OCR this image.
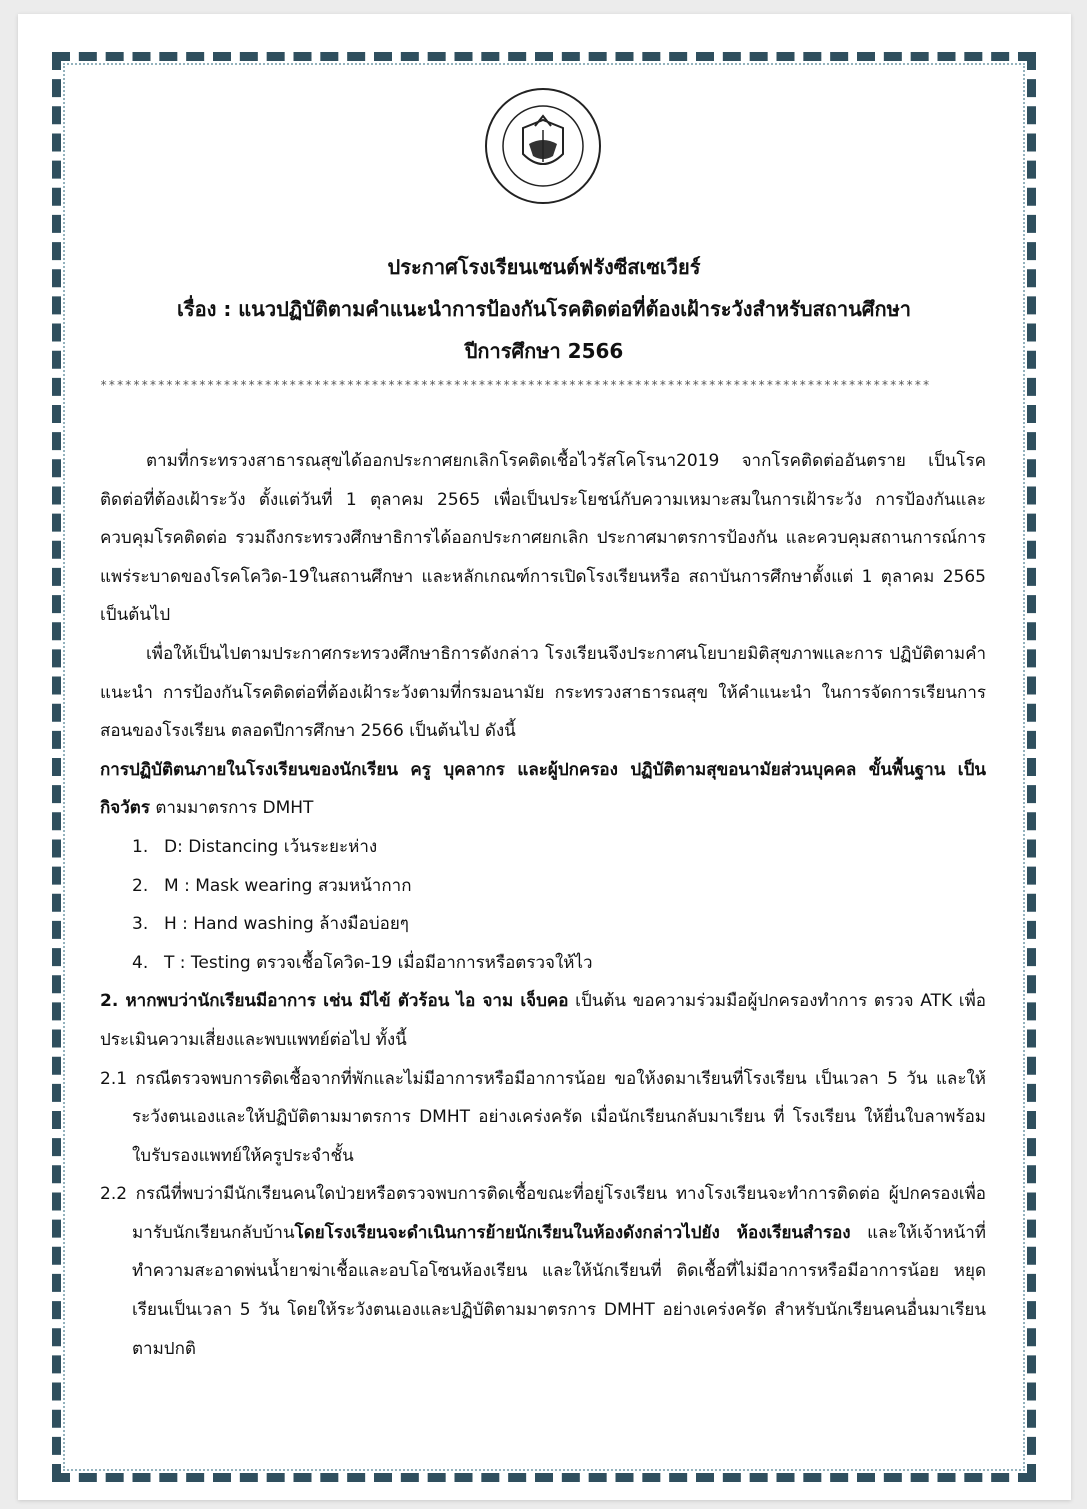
ประกาศโรงเรียนเซนต์ฟรังซีสเซเวียร์
เรื่อง : แนวปฏิบัติตามคำแนะนำการป้องกันโรคติดต่อที่ต้องเฝ้าระวังสำหรับสถานศึกษา
ปีการศึกษา 2566
*****************************************************************************************************

ตามที่กระทรวงสาธารณสุขได้ออกประกาศยกเลิกโรคติดเชื้อไวรัสโคโรนา2019 จากโรคติดต่ออันตราย เป็นโรค ติดต่อที่ต้องเฝ้าระวัง ตั้งแต่วันที่ 1 ตุลาคม 2565 เพื่อเป็นประโยชน์กับความเหมาะสมในการเฝ้าระวัง การป้องกันและควบคุมโรคติดต่อ รวมถึงกระทรวงศึกษาธิการได้ออกประกาศยกเลิก ประกาศมาตรการป้องกัน และควบคุมสถานการณ์การแพร่ระบาดของโรคโควิด-19ในสถานศึกษา และหลักเกณฑ์การเปิดโรงเรียนหรือ สถาบันการศึกษาตั้งแต่ 1 ตุลาคม 2565 เป็นต้นไป

เพื่อให้เป็นไปตามประกาศกระทรวงศึกษาธิการดังกล่าว โรงเรียนจึงประกาศนโยบายมิติสุขภาพและการ ปฏิบัติตามคำแนะนำ การป้องกันโรคติดต่อที่ต้องเฝ้าระวังตามที่กรมอนามัย กระทรวงสาธารณสุข ให้คำแนะนำ ในการจัดการเรียนการสอนของโรงเรียน ตลอดปีการศึกษา 2566 เป็นต้นไป ดังนี้

การปฏิบัติตนภายในโรงเรียนของนักเรียน ครู บุคลากร และผู้ปกครอง ปฏิบัติตามสุขอนามัยส่วนบุคคล ขั้นพื้นฐาน เป็นกิจวัตร ตามมาตรการ DMHT

1. D: Distancing เว้นระยะห่าง
2. M : Mask wearing สวมหน้ากาก
3. H : Hand washing ล้างมือบ่อยๆ
4. T : Testing ตรวจเชื้อโควิด-19 เมื่อมีอาการหรือตรวจให้ไว

2. หากพบว่านักเรียนมีอาการ เช่น มีไข้ ตัวร้อน ไอ จาม เจ็บคอ เป็นต้น ขอความร่วมมือผู้ปกครองทำการ ตรวจ ATK เพื่อประเมินความเสี่ยงและพบแพทย์ต่อไป ทั้งนี้

2.1 กรณีตรวจพบการติดเชื้อจากที่พักและไม่มีอาการหรือมีอาการน้อย ขอให้งดมาเรียนที่โรงเรียน เป็นเวลา 5 วัน และให้ระวังตนเองและให้ปฏิบัติตามมาตรการ DMHT อย่างเคร่งครัด เมื่อนักเรียนกลับมาเรียน ที่ โรงเรียน ให้ยื่นใบลาพร้อมใบรับรองแพทย์ให้ครูประจำชั้น

2.2 กรณีที่พบว่ามีนักเรียนคนใดป่วยหรือตรวจพบการติดเชื้อขณะที่อยู่โรงเรียน ทางโรงเรียนจะทำการติดต่อ ผู้ปกครองเพื่อมารับนักเรียนกลับบ้านโดยโรงเรียนจะดำเนินการย้ายนักเรียนในห้องดังกล่าวไปยัง ห้องเรียนสำรอง และให้เจ้าหน้าที่ทำความสะอาดพ่นน้ำยาฆ่าเชื้อและอบโอโซนห้องเรียน และให้นักเรียนที่ ติดเชื้อที่ไม่มีอาการหรือมีอาการน้อย หยุดเรียนเป็นเวลา 5 วัน โดยให้ระวังตนเองและปฏิบัติตามมาตรการ DMHT อย่างเคร่งครัด สำหรับนักเรียนคนอื่นมาเรียนตามปกติ
